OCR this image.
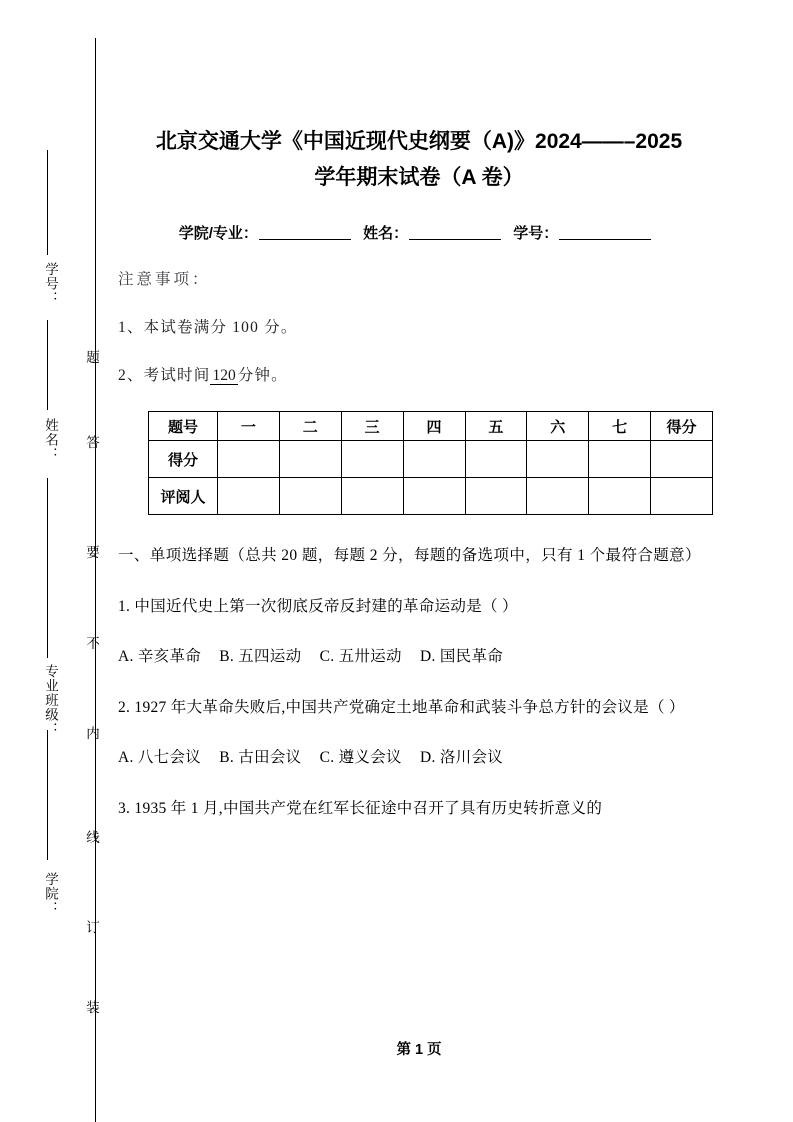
学号：
姓名：
专业班级：
学院：
题
答
要
不
内
线
订
装
北京交通大学《中国近现代史纲要（A)》2024——–2025
学年期末试卷（A 卷）
学院/专业：	姓名：	学号：
注意事项：
1、本试卷满分 100 分。
2、考试时间 120 分钟。
题号	一	二	三	四	五	六	七	得分
得分								
评阅人								
一、单项选择题（总共 20 题，每题 2 分，每题的备选项中，只有 1 个最符合题意）
1. 中国近代史上第一次彻底反帝反封建的革命运动是（ ）
A. 辛亥革命 B. 五四运动 C. 五卅运动 D. 国民革命
2. 1927 年大革命失败后,中国共产党确定土地革命和武装斗争总方针的会议是（ ）
A. 八七会议 B. 古田会议 C. 遵义会议 D. 洛川会议
3. 1935 年 1 月,中国共产党在红军长征途中召开了具有历史转折意义的
第 1 页
